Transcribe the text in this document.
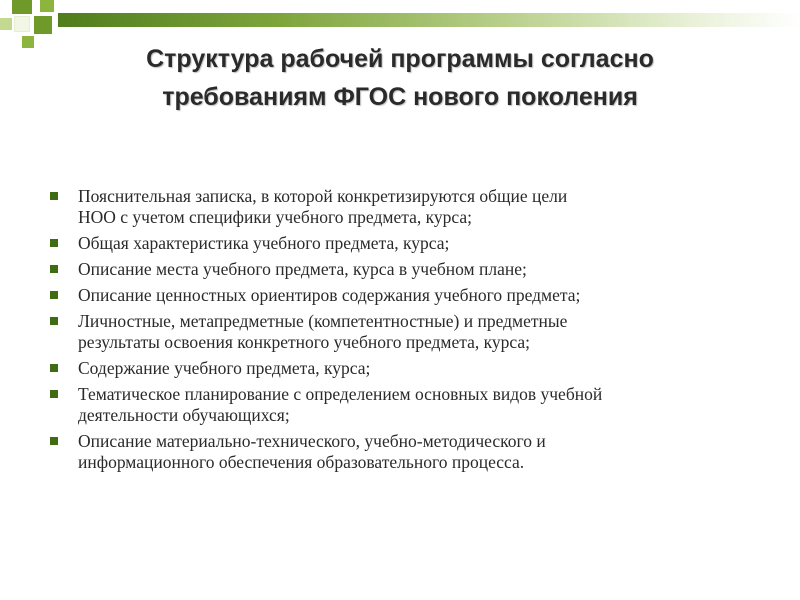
Структура рабочей программы согласно
требованиям ФГОС нового поколения
Пояснительная записка, в которой конкретизируются общие цели
НОО с учетом специфики учебного предмета, курса;
Общая характеристика учебного предмета, курса;
Описание места учебного предмета, курса в учебном плане;
Описание ценностных ориентиров содержания учебного предмета;
Личностные, метапредметные (компетентностные) и предметные
результаты освоения конкретного учебного предмета, курса;
Содержание учебного предмета, курса;
Тематическое планирование с определением основных видов учебной
деятельности обучающихся;
Описание материально-технического, учебно-методического и
информационного обеспечения образовательного процесса.
